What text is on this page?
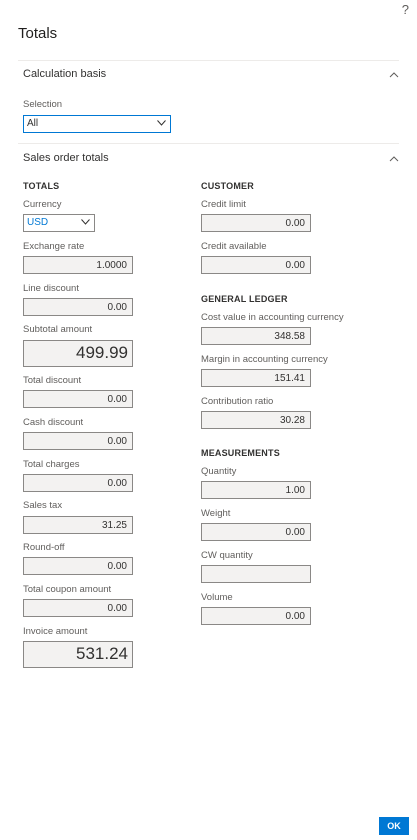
?
Totals
Calculation basis
Selection
All
Sales order totals
TOTALS
Currency
USD
Exchange rate
1.0000
Line discount
0.00
Subtotal amount
499.99
Total discount
0.00
Cash discount
0.00
Total charges
0.00
Sales tax
31.25
Round-off
0.00
Total coupon amount
0.00
Invoice amount
531.24
CUSTOMER
Credit limit
0.00
Credit available
0.00
GENERAL LEDGER
Cost value in accounting currency
348.58
Margin in accounting currency
151.41
Contribution ratio
30.28
MEASUREMENTS
Quantity
1.00
Weight
0.00
CW quantity
Volume
0.00
OK
